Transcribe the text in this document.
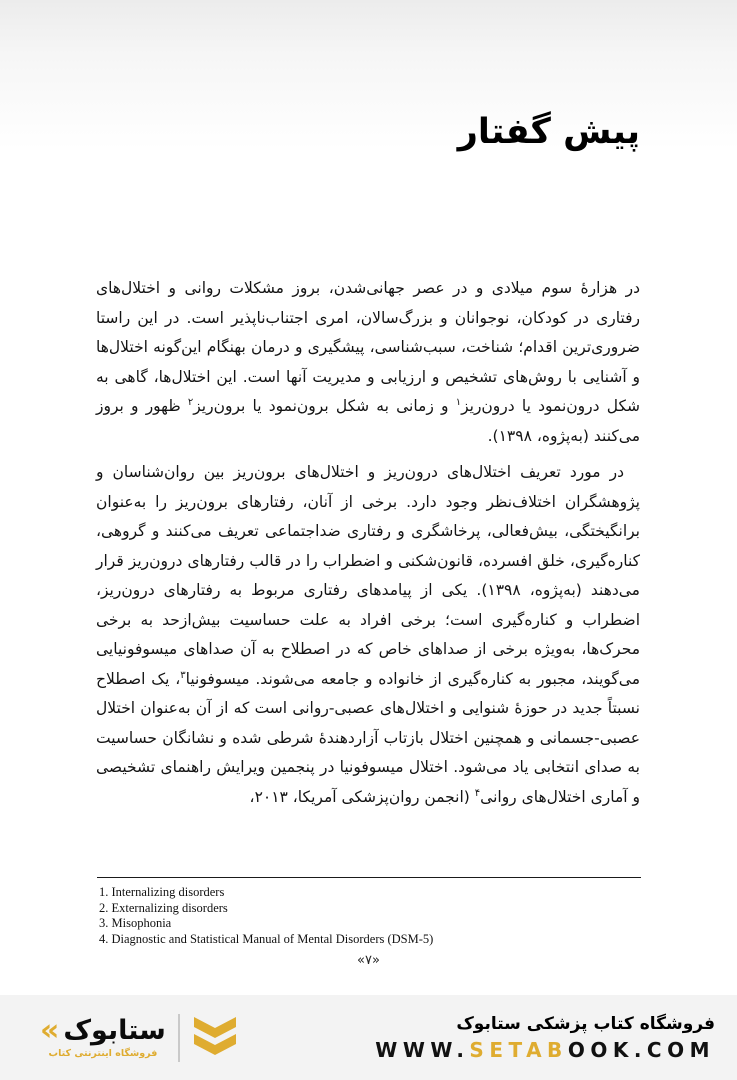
پیش گفتار

در هزارهٔ سوم میلادی و در عصر جهانی‌شدن، بروز مشکلات روانی و اختلال‌های رفتاری در کودکان، نوجوانان و بزرگ‌سالان، امری اجتناب‌ناپذیر است. در این راستا ضروری‌ترین اقدام؛ شناخت، سبب‌شناسی، پیشگیری و درمان بهنگام این‌گونه اختلال‌ها و آشنایی با روش‌های تشخیص و ارزیابی و مدیریت آنها است. این اختلال‌ها، گاهی به شکل درون‌نمود یا درون‌ریز$^۱$ و زمانی به شکل برون‌نمود یا برون‌ریز$^۲$ ظهور و بروز می‌کنند (به‌پژوه، ۱۳۹۸).

در مورد تعریف اختلال‌های درون‌ریز و اختلال‌های برون‌ریز بین روان‌شناسان و پژوهشگران اختلاف‌نظر وجود دارد. برخی از آنان، رفتارهای برون‌ریز را به‌عنوان برانگیختگی، بیش‌فعالی، پرخاشگری و رفتاری ضداجتماعی تعریف می‌کنند و گروهی، کناره‌گیری، خلق افسرده، قانون‌شکنی و اضطراب را در قالب رفتارهای درون‌ریز قرار می‌دهند (به‌پژوه، ۱۳۹۸). یکی از پیامدهای رفتاری مربوط به رفتارهای درون‌ریز، اضطراب و کناره‌گیری است؛ برخی افراد به علت حساسیت بیش‌ازحد به برخی محرک‌ها، به‌ویژه برخی از صداهای خاص که در اصطلاح به آن صداهای میسوفونیایی می‌گویند، مجبور به کناره‌گیری از خانواده و جامعه می‌شوند. میسوفونیا$^۳$، یک اصطلاح نسبتاً جدید در حوزهٔ شنوایی و اختلال‌های عصبی-روانی است که از آن به‌عنوان اختلال عصبی-جسمانی و همچنین اختلال بازتاب آزاردهندهٔ شرطی شده و نشانگان حساسیت به صدای انتخابی یاد می‌شود. اختلال میسوفونیا در پنجمین ویرایش راهنمای تشخیصی و آماری اختلال‌های روانی$^۴$ (انجمن روان‌پزشکی آمریکا، ۲۰۱۳،

1. Internalizing disorders
2. Externalizing disorders
3. Misophonia
4. Diagnostic and Statistical Manual of Mental Disorders (DSM-5)
«۷»
« ستابوک
فروشگاه اینترنتی کتاب
فروشگاه کتاب پزشکی ستابوک
WWW.SETABOOK.COM
